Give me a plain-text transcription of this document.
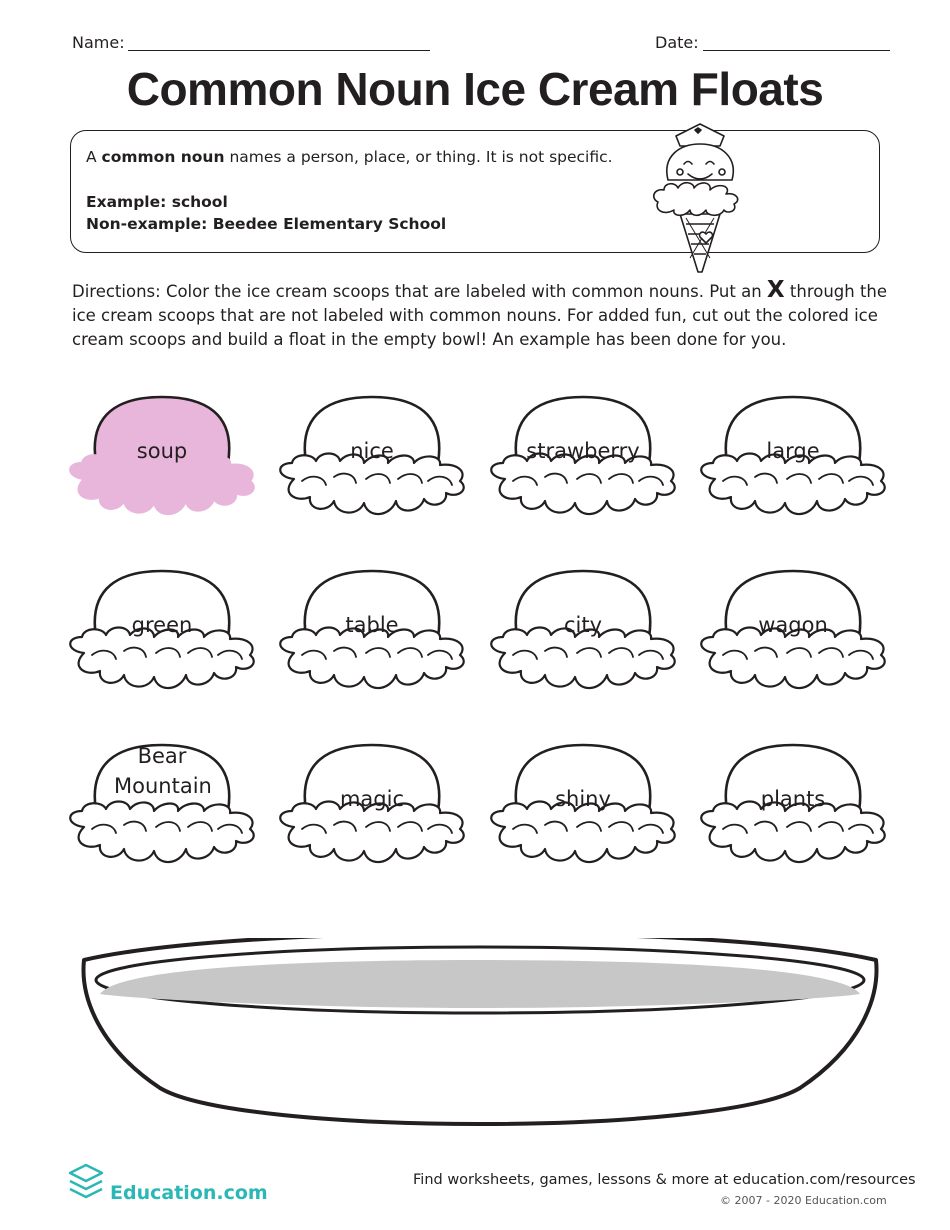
Name:	Date:
Common Noun Ice Cream Floats
A common noun names a person, place, or thing. It is not specific.
Example: school
Non-example: Beedee Elementary School
Directions: Color the ice cream scoops that are labeled with common nouns. Put an X through the ice cream scoops that are not labeled with common nouns. For added fun, cut out the colored ice cream scoops and build a float in the empty bowl! An example has been done for you.
soup	nice	strawberry	large
green	table	city	wagon
Bear Mountain
magic	shiny	plants
Education.com
Find worksheets, games, lessons & more at education.com/resources
© 2007 - 2020 Education.com
